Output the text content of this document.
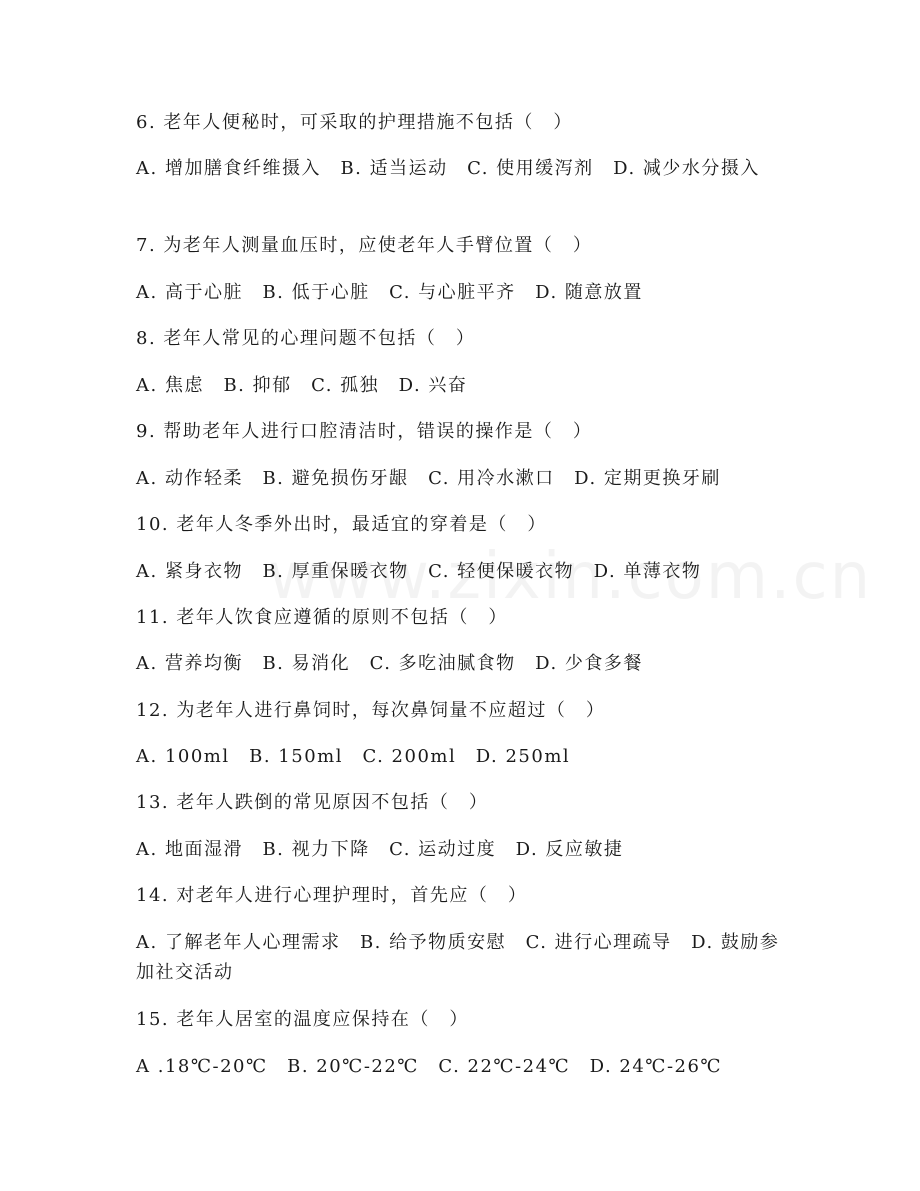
6. 老年人便秘时，可采取的护理措施不包括（　）
A. 增加膳食纤维摄入　B. 适当运动　C. 使用缓泻剂　D. 减少水分摄入
7. 为老年人测量血压时，应使老年人手臂位置（　）
A. 高于心脏　B. 低于心脏　C. 与心脏平齐　D. 随意放置
8. 老年人常见的心理问题不包括（　）
A. 焦虑　B. 抑郁　C. 孤独　D. 兴奋
9. 帮助老年人进行口腔清洁时，错误的操作是（　）
A. 动作轻柔　B. 避免损伤牙龈　C. 用冷水漱口　D. 定期更换牙刷
10. 老年人冬季外出时，最适宜的穿着是（　）
A. 紧身衣物　B. 厚重保暖衣物　C. 轻便保暖衣物　D. 单薄衣物
11. 老年人饮食应遵循的原则不包括（　）
A. 营养均衡　B. 易消化　C. 多吃油腻食物　D. 少食多餐
12. 为老年人进行鼻饲时，每次鼻饲量不应超过（　）
A. 100ml　B. 150ml　C. 200ml　D. 250ml
13. 老年人跌倒的常见原因不包括（　）
A. 地面湿滑　B. 视力下降　C. 运动过度　D. 反应敏捷
14. 对老年人进行心理护理时，首先应（　）
A. 了解老年人心理需求　B. 给予物质安慰　C. 进行心理疏导　D. 鼓励参加社交活动
15. 老年人居室的温度应保持在（　）
A .18℃-20℃　B. 20℃-22℃　C. 22℃-24℃　D. 24℃-26℃
